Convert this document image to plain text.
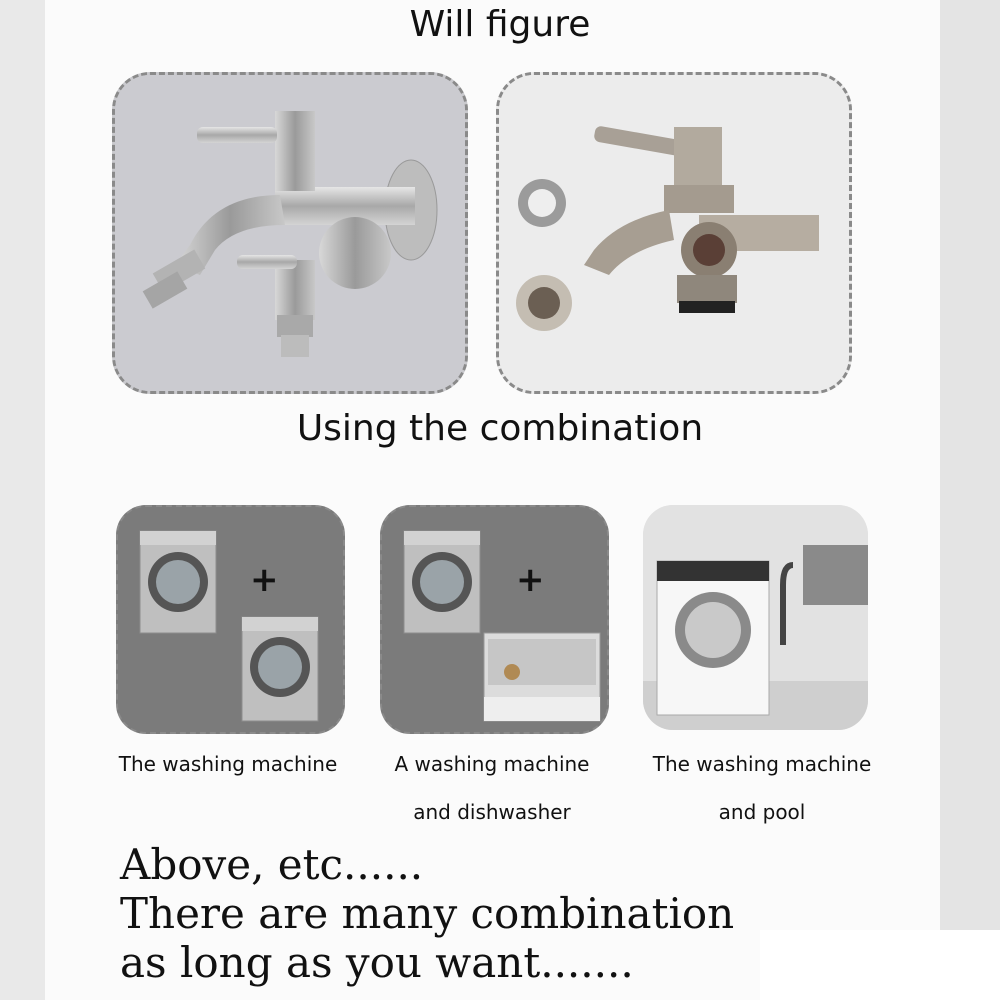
Will figure
Using the combination
+	+
The washing machine	A washing machine
and dishwasher
The washing machine
and pool
Above, etc......
There are many combination
as long as you want.......
